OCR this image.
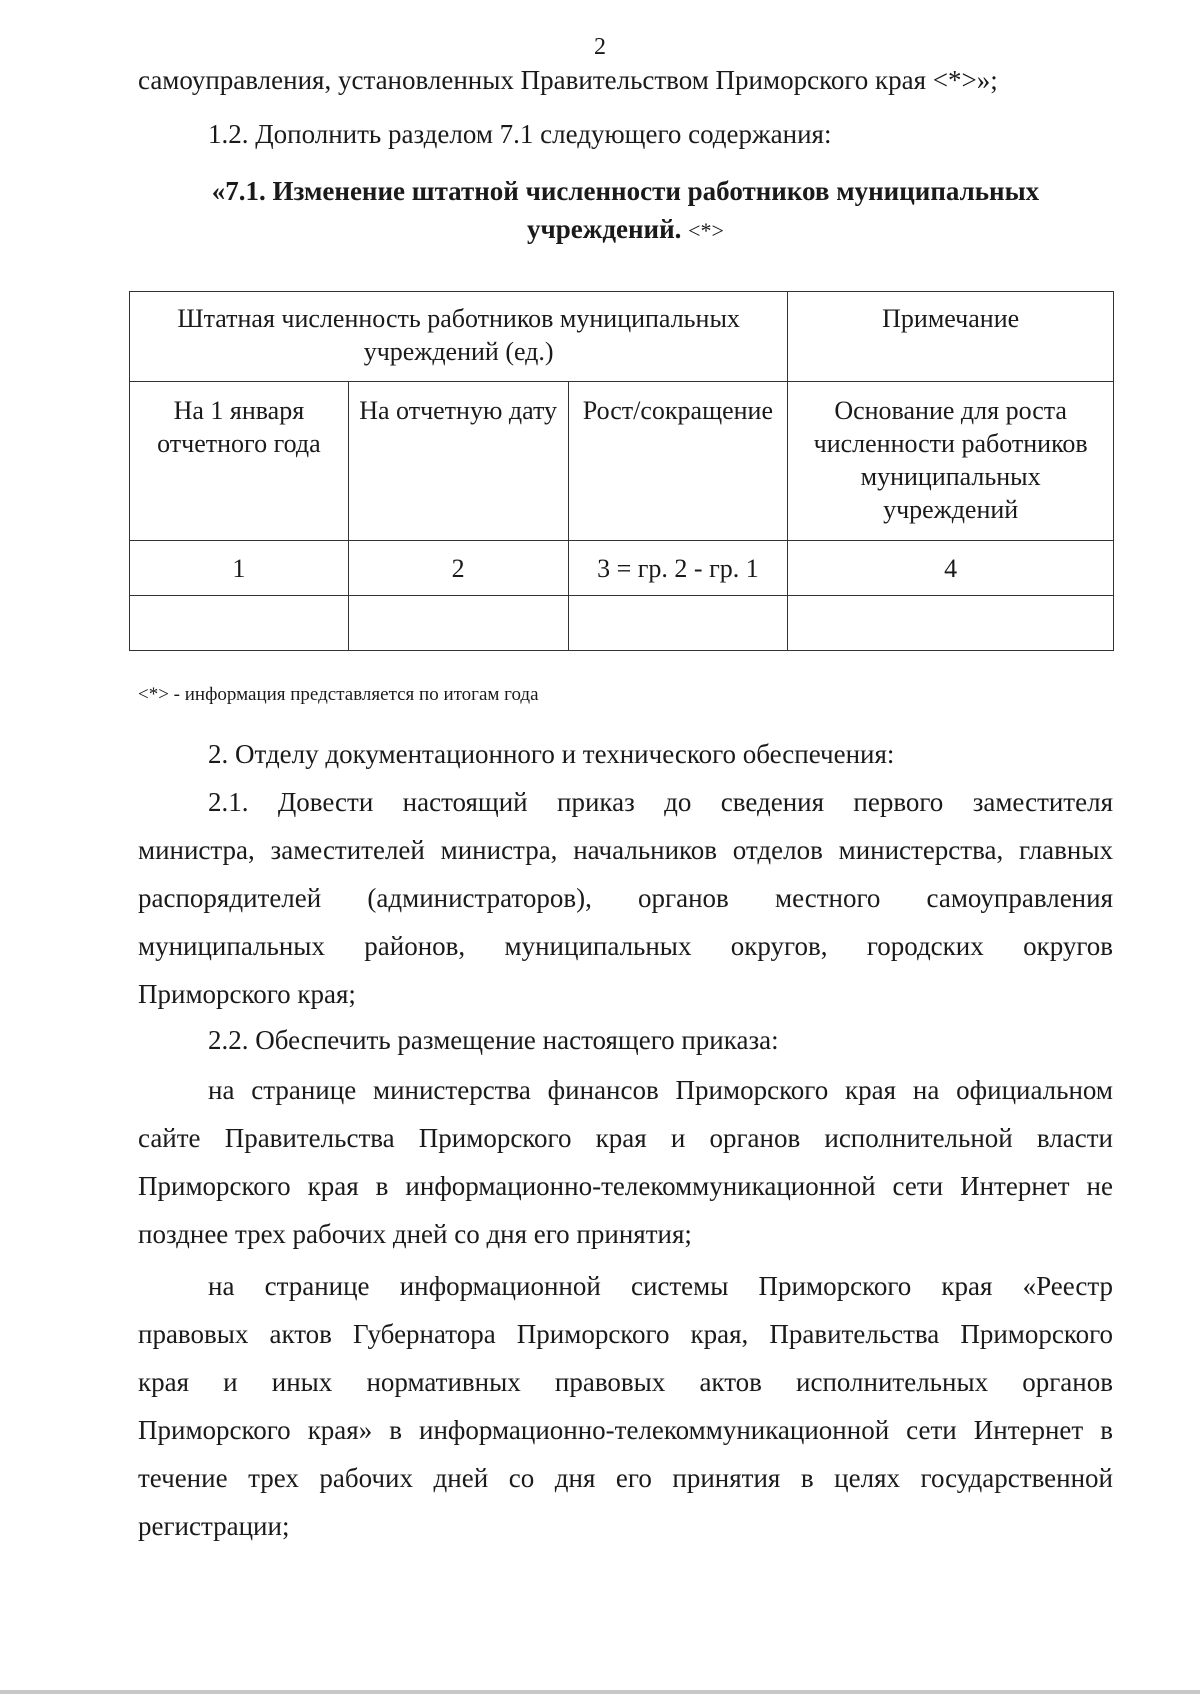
2
самоуправления, установленных Правительством Приморского края <*>»;
1.2. Дополнить разделом 7.1 следующего содержания:
«7.1. Изменение штатной численности работников муниципальных
учреждений. <*>
Штатная численность работников муниципальных учреждений (ед.)			Примечание
На 1 января отчетного года	На отчетную дату	Рост/сокращение	Основание для роста численности работников муниципальных учреждений
1	2	3 = гр. 2 - гр. 1	4

<*> - информация представляется по итогам года
2. Отделу документационного и технического обеспечения:
2.1. Довести настоящий приказ до сведения первого заместителя
министра, заместителей министра, начальников отделов министерства, главных
распорядителей (администраторов), органов местного самоуправления
муниципальных районов, муниципальных округов, городских округов
Приморского края;
2.2. Обеспечить размещение настоящего приказа:
на странице министерства финансов Приморского края на официальном
сайте Правительства Приморского края и органов исполнительной власти
Приморского края в информационно-телекоммуникационной сети Интернет не
позднее трех рабочих дней со дня его принятия;
на странице информационной системы Приморского края «Реестр
правовых актов Губернатора Приморского края, Правительства Приморского
края и иных нормативных правовых актов исполнительных органов
Приморского края» в информационно-телекоммуникационной сети Интернет в
течение трех рабочих дней со дня его принятия в целях государственной
регистрации;
